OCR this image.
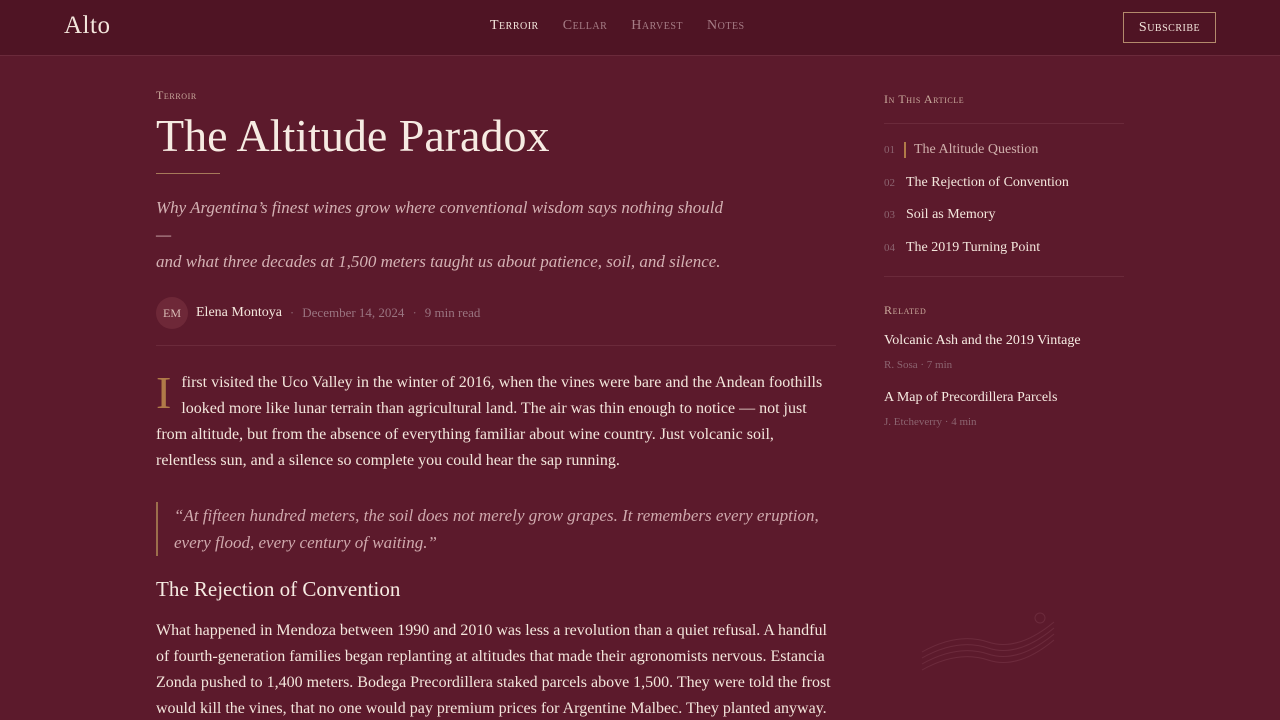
Alto	Terroir Cellar Harvest Notes	Subscribe
Terroir
The Altitude Paradox

Why Argentina’s finest wines grow where conventional wisdom says nothing should —
and what three decades at 1,500 meters taught us about patience, soil, and silence.

EM	Elena Montoya · December 14, 2024 · 9 min read

I first visited the Uco Valley in the winter of 2016, when the vines were bare and the Andean foothills looked more like lunar terrain than agricultural land. The air was thin enough to notice — not just from altitude, but from the absence of everything familiar about wine country. Just volcanic soil, relentless sun, and a silence so complete you could hear the sap running.

“At fifteen hundred meters, the soil does not merely grow grapes. It remembers every eruption, every flood, every century of waiting.”
The Rejection of Convention

What happened in Mendoza between 1990 and 2010 was less a revolution than a quiet refusal. A handful of fourth-generation families began replanting at altitudes that made their agronomists nervous. Estancia Zonda pushed to 1,400 meters. Bodega Precordillera staked parcels above 1,500. They were told the frost would kill the vines, that no one would pay premium prices for Argentine Malbec. They planted anyway.

In This Article
01	The Altitude Question
02 The Rejection of Convention
03 Soil as Memory
04 The 2019 Turning Point
Related
Volcanic Ash and the 2019 Vintage
R. Sosa · 7 min
A Map of Precordillera Parcels
J. Etcheverry · 4 min
